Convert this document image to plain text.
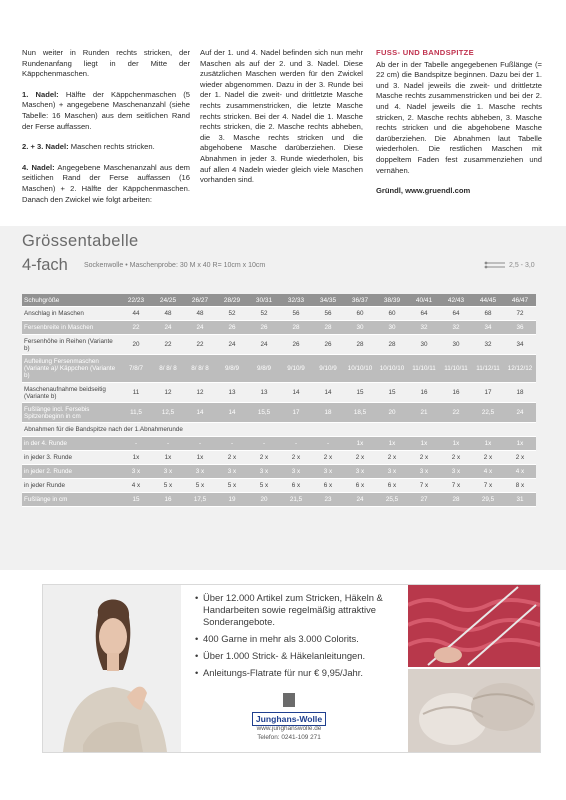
Nun weiter in Runden rechts stricken, der Rundenanfang liegt in der Mitte der Käppchenmaschen.

1. Nadel: Hälfte der Käppchenmaschen (5 Maschen) + angegebene Maschenanzahl (siehe Tabelle: 16 Maschen) aus dem seitlichen Rand der Ferse auffassen.

2. + 3. Nadel: Maschen rechts stricken.

4. Nadel: Angegebene Maschenanzahl aus dem seitlichen Rand der Ferse auffassen (16 Maschen) + 2. Hälfte der Käppchenmaschen. Danach den Zwickel wie folgt arbeiten:

Auf der 1. und 4. Nadel befinden sich nun mehr Maschen als auf der 2. und 3. Nadel. Diese zusätzlichen Maschen werden für den Zwickel wieder abgenommen. Dazu in der 3. Runde bei der 1. Nadel die zweit- und drittletzte Masche rechts zusammenstricken, die letzte Masche rechts stricken. Bei der 4. Nadel die 1. Masche rechts stricken, die 2. Masche rechts abheben, die 3. Masche rechts stricken und die abgehobene Masche darüberziehen. Diese Abnahmen in jeder 3. Runde wiederholen, bis auf allen 4 Nadeln wieder gleich viele Maschen vorhanden sind.

FUSS- UND BANDSPITZE

Ab der in der Tabelle angegebenen Fußlänge (= 22 cm) die Bandspitze beginnen. Dazu bei der 1. und 3. Nadel jeweils die zweit- und drittletzte Masche rechts zusammenstricken und bei der 2. und 4. Nadel jeweils die 1. Masche rechts stricken, 2. Masche rechts abheben, 3. Masche rechts stricken und die abgehobene Masche darüberziehen. Die Abnahmen laut Tabelle wiederholen. Die restlichen Maschen mit doppeltem Faden fest zusammenziehen und vernähen.

Gründl, www.gruendl.com
Grössentabelle
4-fach Sockenwolle • Maschenprobe: 30 M x 40 R= 10cm x 10cm	2,5 - 3,0
Schuhgröße	22/23	24/25	26/27	28/29	30/31	32/33	34/35	36/37	38/39	40/41	42/43	44/45	46/47
Anschlag in Maschen	44	48	48	52	52	56	56	60	60	64	64	68	72
Fersenbreite in Maschen	22	24	24	26	26	28	28	30	30	32	32	34	36
Fersenhöhe in Reihen (Variante b)	20	22	22	24	24	26	26	28	28	30	30	32	34
Aufteilung Fersenmaschen (Variante a)/ Käppchen (Variante b)	7/8/7	8/ 8/ 8	8/ 8/ 8	9/8/9	9/8/9	9/10/9	9/10/9	10/10/10	10/10/10	11/10/11	11/10/11	11/12/11	12/12/12
Maschenaufnahme beidseitig (Variante b)	11	12	12	13	13	14	14	15	15	16	16	17	18
Fußlänge incl. Fersebis Spitzenbeginn in cm	11,5	12,5	14	14	15,5	17	18	18,5	20	21	22	22,5	24
Abnahmen für die Bandspitze nach der 1.Abnahmerunde													
in der 4. Runde	-	-	-	-	-	-	-	1x	1x	1x	1x	1x	1x
in jeder 3. Runde	1x	1x	1x	2 x	2 x	2 x	2 x	2 x	2 x	2 x	2 x	2 x	2 x
in jeder 2. Runde	3 x	3 x	3 x	3 x	3 x	3 x	3 x	3 x	3 x	3 x	3 x	4 x	4 x
in jeder Runde	4 x	5 x	5 x	5 x	5 x	6 x	6 x	6 x	6 x	7 x	7 x	7 x	8 x
Fußlänge in cm	15	16	17,5	19	20	21,5	23	24	25,5	27	28	29,5	31
• Über 12.000 Artikel zum Stricken, Häkeln & Handarbeiten sowie regelmäßig attraktive Sonderangebote.
• 400 Garne in mehr als 3.000 Colorits.
• Über 1.000 Strick- & Häkelanleitungen.
• Anleitungs-Flatrate für nur € 9,95/Jahr.
Junghans-Wolle
www.junghanswolle.de
Telefon: 0241-109 271
